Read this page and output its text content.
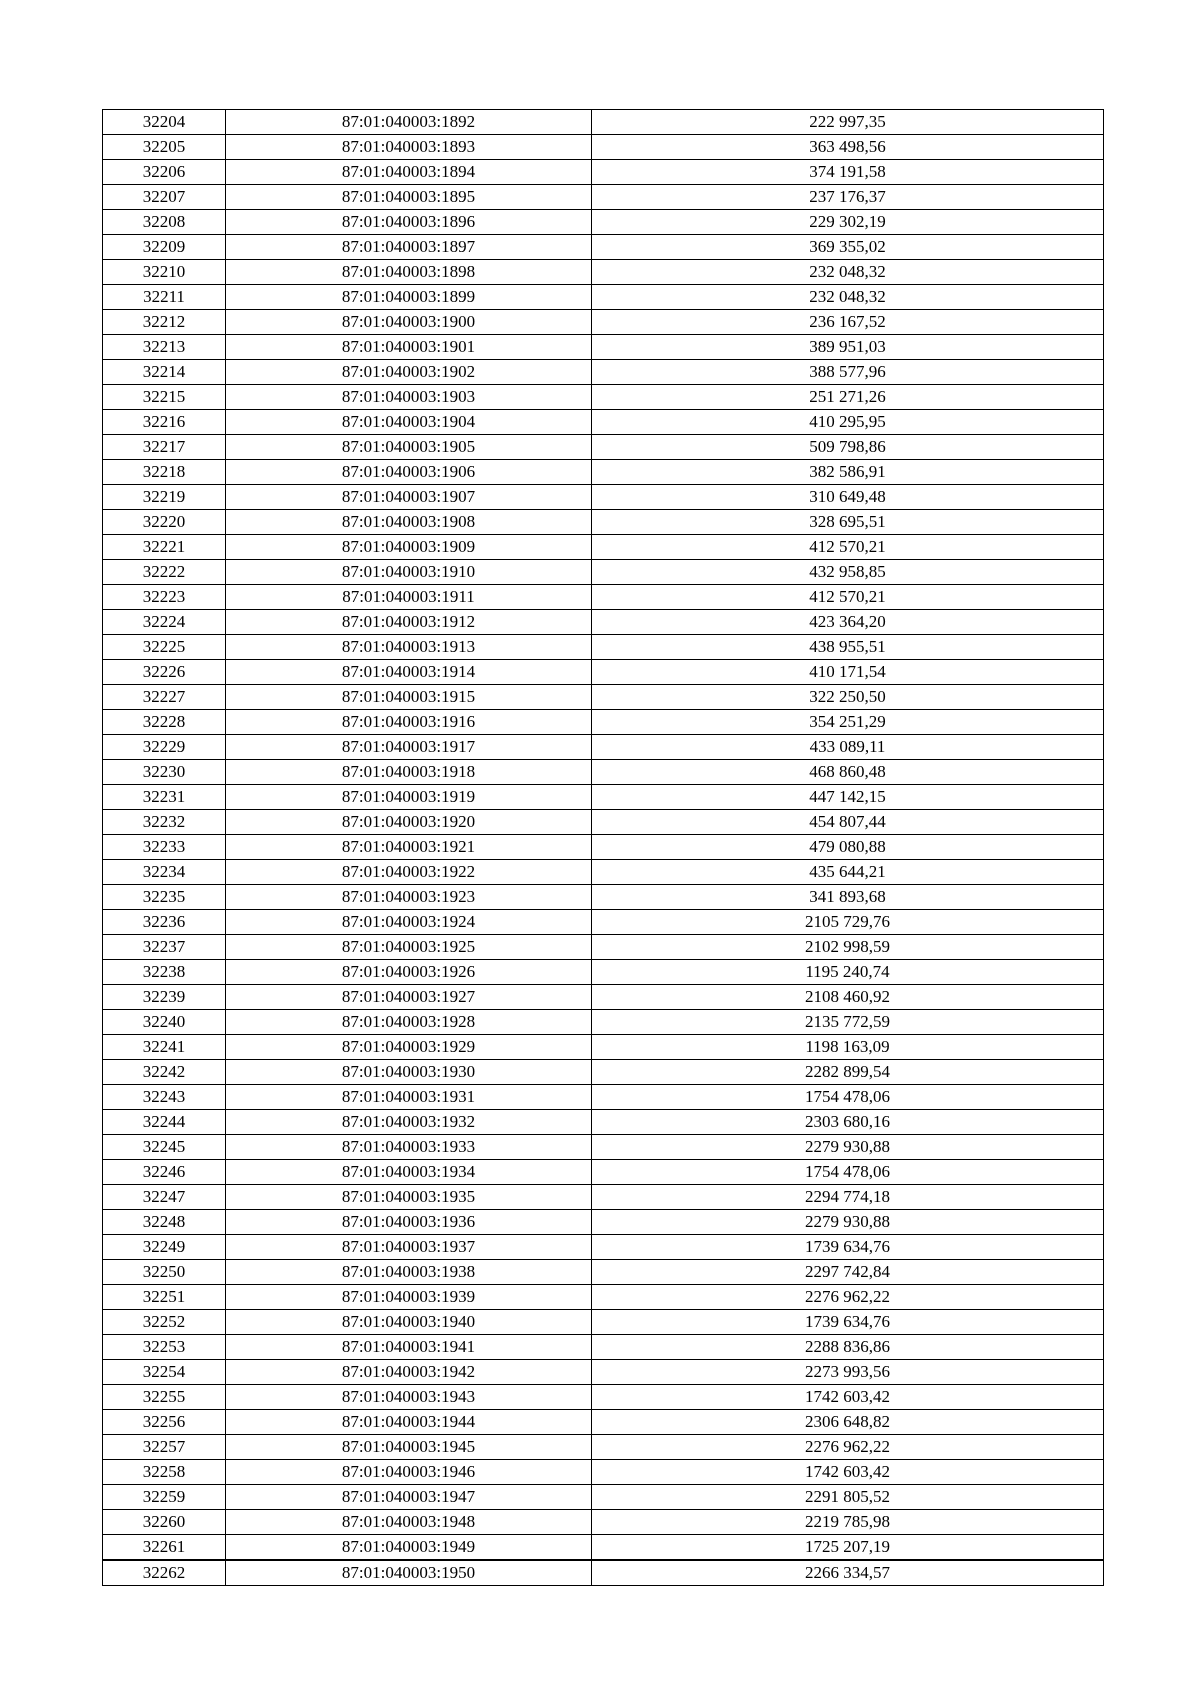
32204	87:01:040003:1892	222 997,35
32205	87:01:040003:1893	363 498,56
32206	87:01:040003:1894	374 191,58
32207	87:01:040003:1895	237 176,37
32208	87:01:040003:1896	229 302,19
32209	87:01:040003:1897	369 355,02
32210	87:01:040003:1898	232 048,32
32211	87:01:040003:1899	232 048,32
32212	87:01:040003:1900	236 167,52
32213	87:01:040003:1901	389 951,03
32214	87:01:040003:1902	388 577,96
32215	87:01:040003:1903	251 271,26
32216	87:01:040003:1904	410 295,95
32217	87:01:040003:1905	509 798,86
32218	87:01:040003:1906	382 586,91
32219	87:01:040003:1907	310 649,48
32220	87:01:040003:1908	328 695,51
32221	87:01:040003:1909	412 570,21
32222	87:01:040003:1910	432 958,85
32223	87:01:040003:1911	412 570,21
32224	87:01:040003:1912	423 364,20
32225	87:01:040003:1913	438 955,51
32226	87:01:040003:1914	410 171,54
32227	87:01:040003:1915	322 250,50
32228	87:01:040003:1916	354 251,29
32229	87:01:040003:1917	433 089,11
32230	87:01:040003:1918	468 860,48
32231	87:01:040003:1919	447 142,15
32232	87:01:040003:1920	454 807,44
32233	87:01:040003:1921	479 080,88
32234	87:01:040003:1922	435 644,21
32235	87:01:040003:1923	341 893,68
32236	87:01:040003:1924	2105 729,76
32237	87:01:040003:1925	2102 998,59
32238	87:01:040003:1926	1195 240,74
32239	87:01:040003:1927	2108 460,92
32240	87:01:040003:1928	2135 772,59
32241	87:01:040003:1929	1198 163,09
32242	87:01:040003:1930	2282 899,54
32243	87:01:040003:1931	1754 478,06
32244	87:01:040003:1932	2303 680,16
32245	87:01:040003:1933	2279 930,88
32246	87:01:040003:1934	1754 478,06
32247	87:01:040003:1935	2294 774,18
32248	87:01:040003:1936	2279 930,88
32249	87:01:040003:1937	1739 634,76
32250	87:01:040003:1938	2297 742,84
32251	87:01:040003:1939	2276 962,22
32252	87:01:040003:1940	1739 634,76
32253	87:01:040003:1941	2288 836,86
32254	87:01:040003:1942	2273 993,56
32255	87:01:040003:1943	1742 603,42
32256	87:01:040003:1944	2306 648,82
32257	87:01:040003:1945	2276 962,22
32258	87:01:040003:1946	1742 603,42
32259	87:01:040003:1947	2291 805,52
32260	87:01:040003:1948	2219 785,98
32261	87:01:040003:1949	1725 207,19
32262	87:01:040003:1950	2266 334,57
